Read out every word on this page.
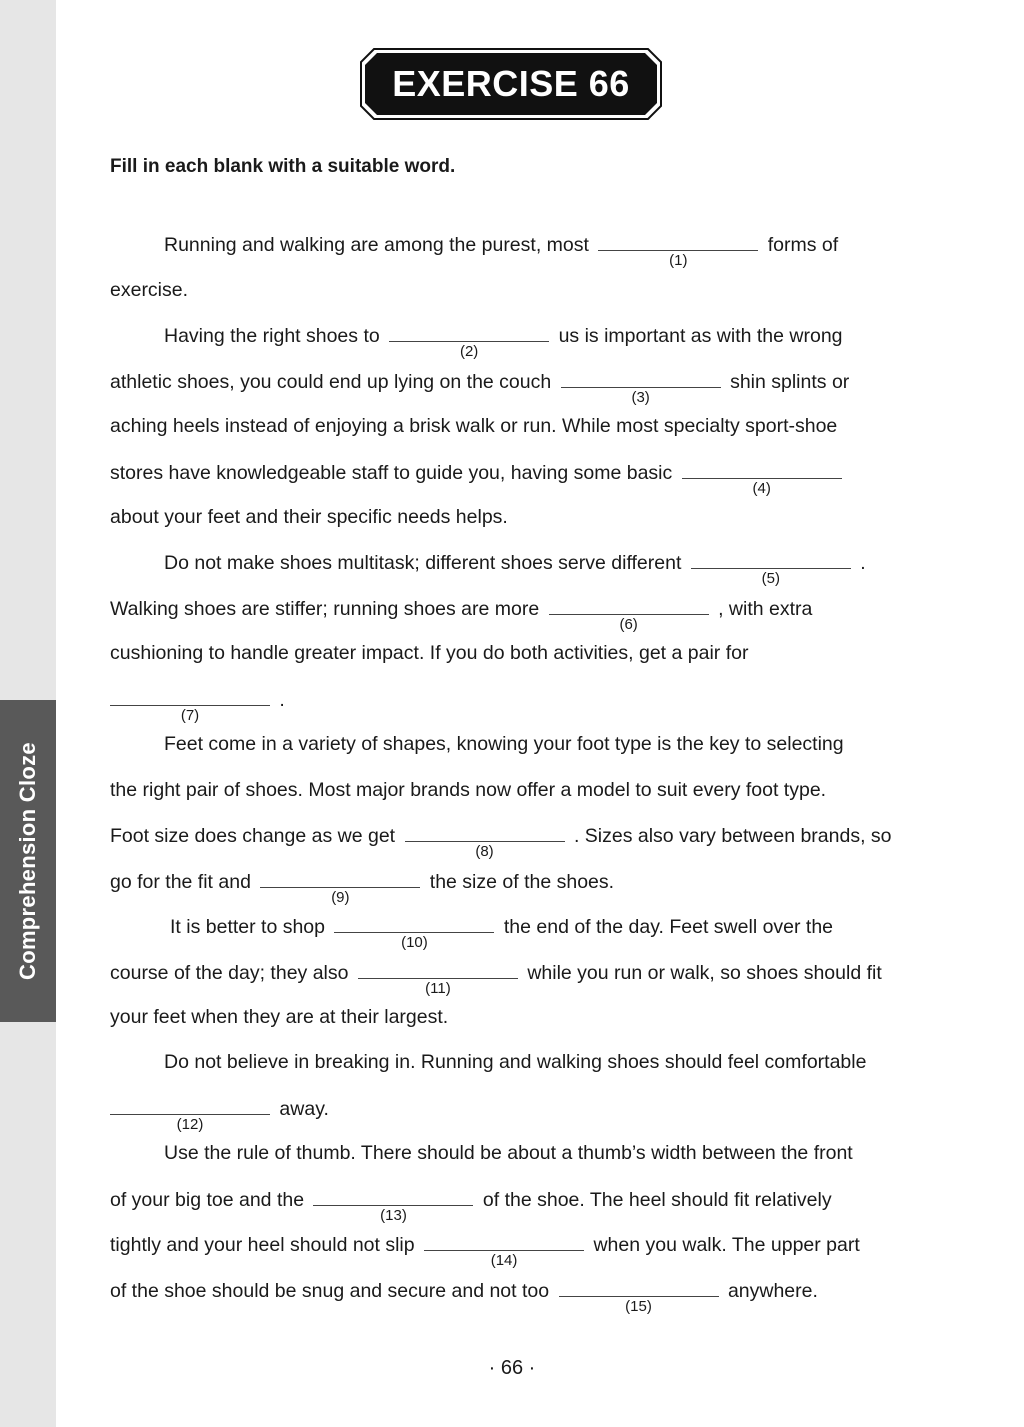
Comprehension Cloze
EXERCISE 66
Fill in each blank with a suitable word.
Running and walking are among the purest, most
(1)
forms of
exercise.
Having the right shoes to
(2)
us is important as with the wrong
athletic shoes, you could end up lying on the couch
(3)
shin splints or
aching heels instead of enjoying a brisk walk or run. While most specialty sport-shoe
stores have knowledgeable staff to guide you, having some basic
(4)
about your feet and their specific needs helps.
Do not make shoes multitask; different shoes serve different
(5)
.
Walking shoes are stiffer; running shoes are more
(6)
, with extra
cushioning to handle greater impact. If you do both activities, get a pair for
(7)
.
Feet come in a variety of shapes, knowing your foot type is the key to selecting
the right pair of shoes. Most major brands now offer a model to suit every foot type.
Foot size does change as we get
(8)
. Sizes also vary between brands, so
go for the fit and
(9)
the size of the shoes.
It is better to shop
(10)
the end of the day. Feet swell over the
course of the day; they also
(11)
while you run or walk, so shoes should fit
your feet when they are at their largest.
Do not believe in breaking in. Running and walking shoes should feel comfortable
(12)
away.
Use the rule of thumb. There should be about a thumb’s width between the front
of your big toe and the
(13)
of the shoe. The heel should fit relatively
tightly and your heel should not slip
(14)
when you walk. The upper part
of the shoe should be snug and secure and not too
(15)
anywhere.
· 66 ·
